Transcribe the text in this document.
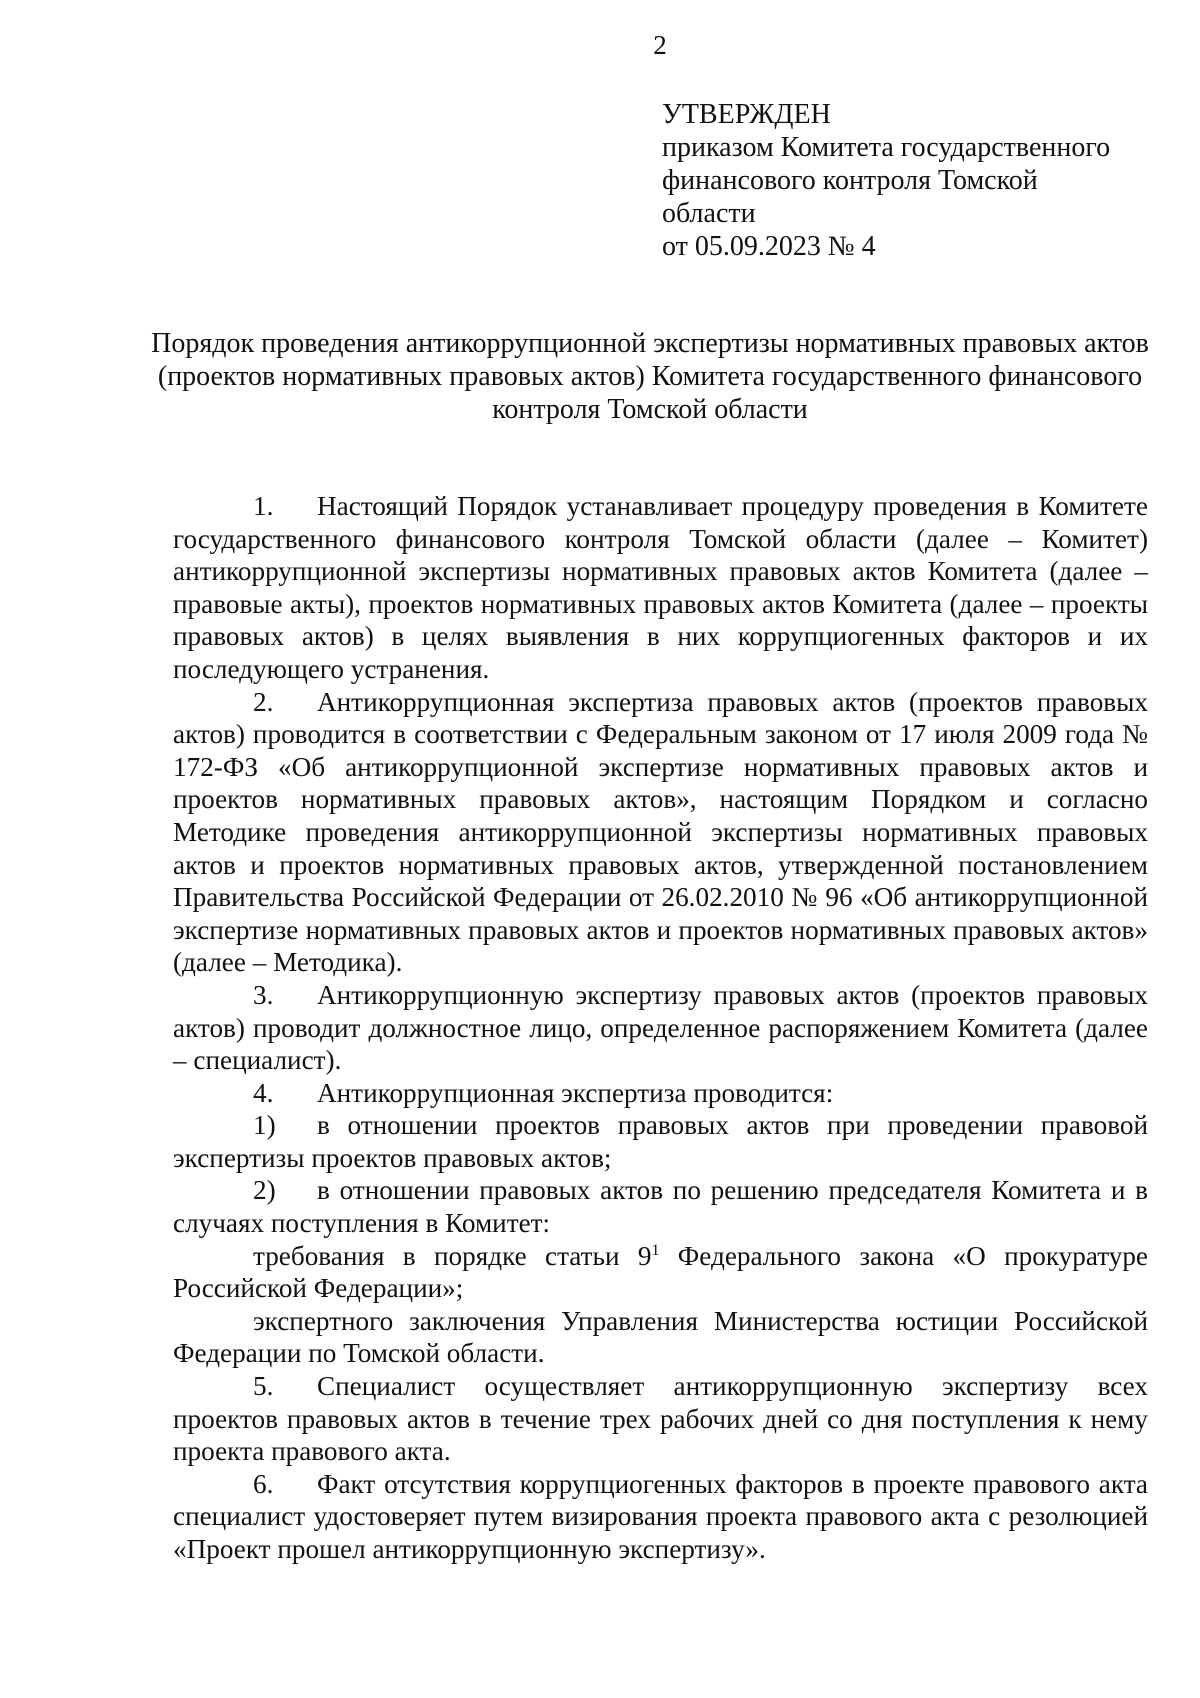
2
УТВЕРЖДЕН
приказом Комитета государственного
финансового контроля Томской
области
от 05.09.2023 № 4
Порядок проведения антикоррупционной экспертизы нормативных правовых актов (проектов нормативных правовых актов) Комитета государственного финансового контроля Томской области

1. Настоящий Порядок устанавливает процедуру проведения в Комитете государственного финансового контроля Томской области (далее – Комитет) антикоррупционной экспертизы нормативных правовых актов Комитета (далее – правовые акты), проектов нормативных правовых актов Комитета (далее – проекты правовых актов) в целях выявления в них коррупциогенных факторов и их последующего устранения.

2. Антикоррупционная экспертиза правовых актов (проектов правовых актов) проводится в соответствии с Федеральным законом от 17 июля 2009 года № 172-ФЗ «Об антикоррупционной экспертизе нормативных правовых актов и проектов нормативных правовых актов», настоящим Порядком и согласно Методике проведения антикоррупционной экспертизы нормативных правовых актов и проектов нормативных правовых актов, утвержденной постановлением Правительства Российской Федерации от 26.02.2010 № 96 «Об антикоррупционной экспертизе нормативных правовых актов и проектов нормативных правовых актов» (далее – Методика).

3. Антикоррупционную экспертизу правовых актов (проектов правовых актов) проводит должностное лицо, определенное распоряжением Комитета (далее – специалист).

4. Антикоррупционная экспертиза проводится:

1) в отношении проектов правовых актов при проведении правовой экспертизы проектов правовых актов;

2) в отношении правовых актов по решению председателя Комитета и в случаях поступления в Комитет:

требования в порядке статьи $9^1$ Федерального закона «О прокуратуре Российской Федерации»;

экспертного заключения Управления Министерства юстиции Российской Федерации по Томской области.

5. Специалист осуществляет антикоррупционную экспертизу всех проектов правовых актов в течение трех рабочих дней со дня поступления к нему проекта правового акта.

6. Факт отсутствия коррупциогенных факторов в проекте правового акта специалист удостоверяет путем визирования проекта правового акта с резолюцией «Проект прошел антикоррупционную экспертизу».
